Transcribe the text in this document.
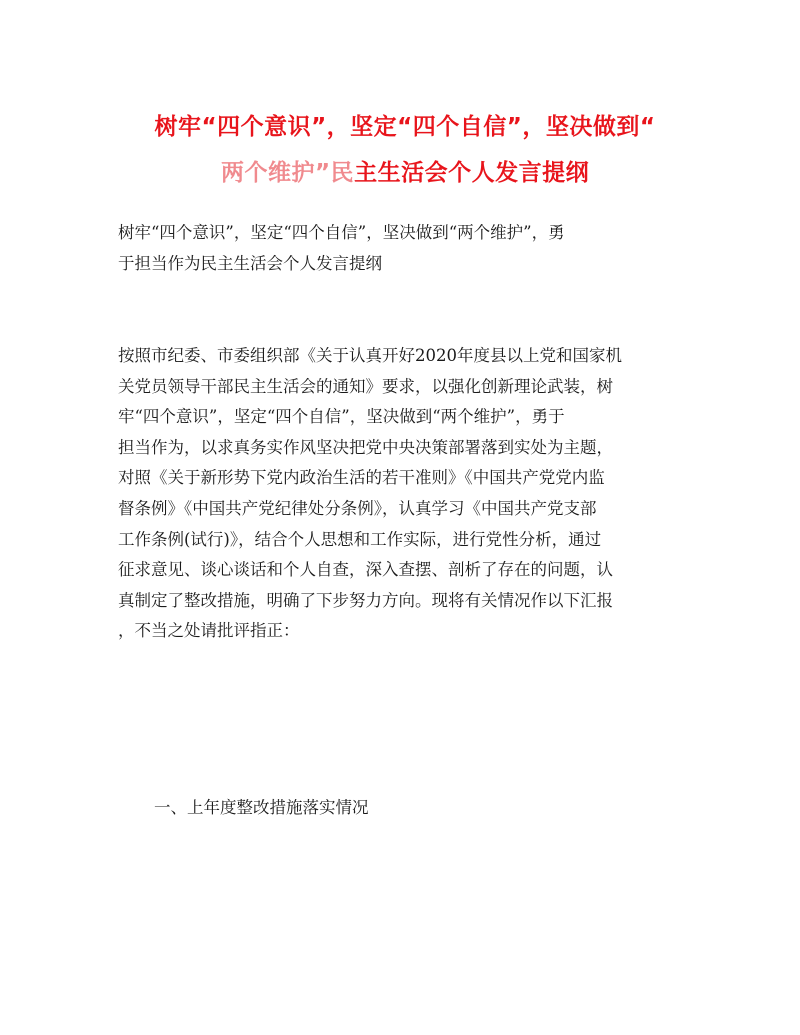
树牢“四个意识”，坚定“四个自信”，坚决做到“
两个维护”民主生活会个人发言提纲

树牢“四个意识”，坚定“四个自信”，坚决做到“两个维护”，勇
于担当作为民主生活会个人发言提纲

按照市纪委、市委组织部《关于认真开好2020年度县以上党和国家机
关党员领导干部民主生活会的通知》要求，以强化创新理论武装，树
牢“四个意识”，坚定“四个自信”，坚决做到“两个维护”，勇于
担当作为，以求真务实作风坚决把党中央决策部署落到实处为主题，
对照《关于新形势下党内政治生活的若干准则》《中国共产党党内监
督条例》《中国共产党纪律处分条例》，认真学习《中国共产党支部
工作条例(试行)》，结合个人思想和工作实际，进行党性分析，通过
征求意见、谈心谈话和个人自查，深入查摆、剖析了存在的问题，认
真制定了整改措施，明确了下步努力方向。现将有关情况作以下汇报
，不当之处请批评指正：

一、上年度整改措施落实情况
